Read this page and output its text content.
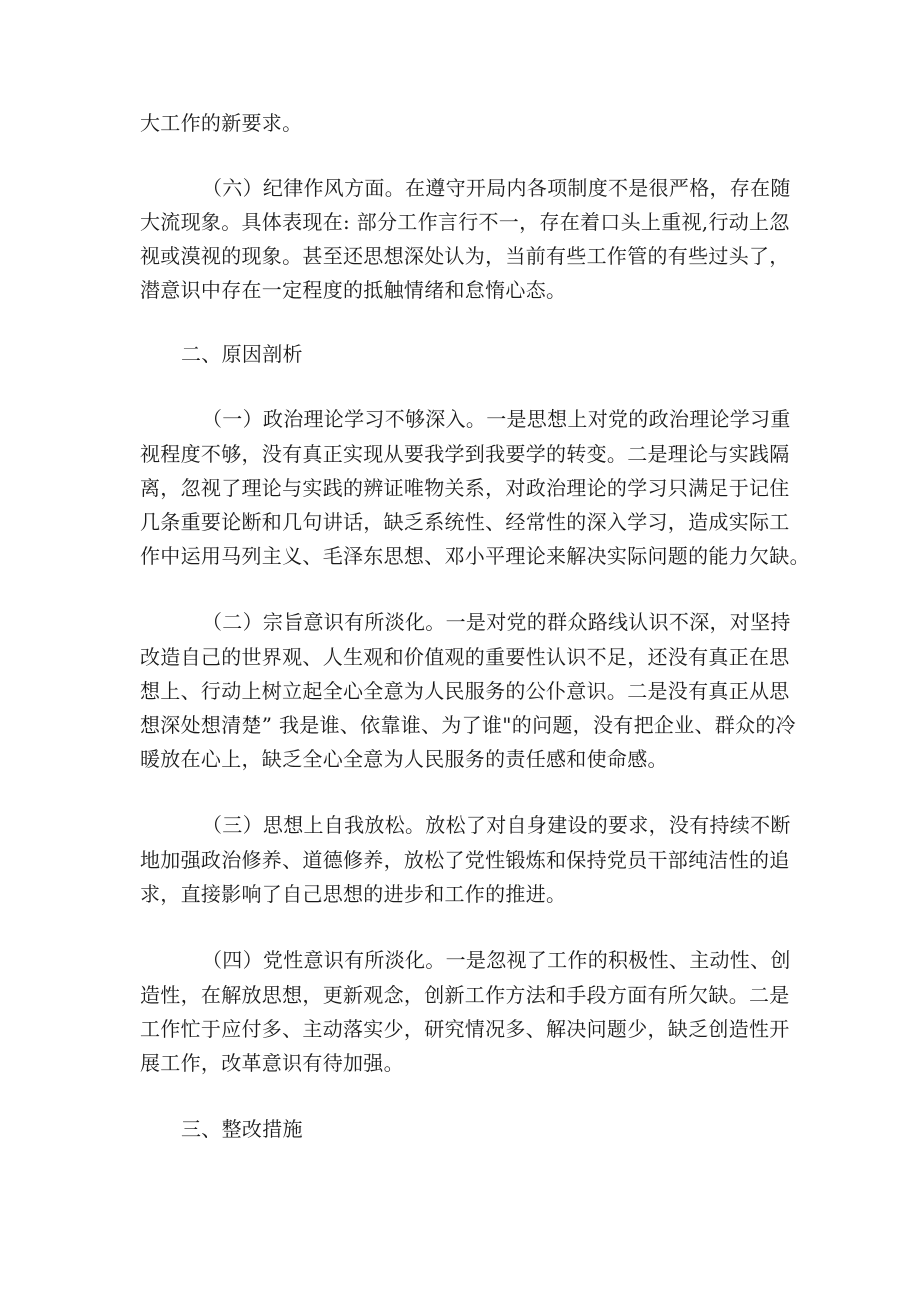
大工作的新要求。
（六）纪律作风方面。在遵守开局内各项制度不是很严格，存在随
大流现象。具体表现在: 部分工作言行不一，存在着口头上重视,行动上忽
视或漠视的现象。甚至还思想深处认为，当前有些工作管的有些过头了，
潜意识中存在一定程度的抵触情绪和怠惰心态。
二、原因剖析
（一）政治理论学习不够深入。一是思想上对党的政治理论学习重
视程度不够，没有真正实现从要我学到我要学的转变。二是理论与实践隔
离，忽视了理论与实践的辨证唯物关系，对政治理论的学习只满足于记住
几条重要论断和几句讲话，缺乏系统性、经常性的深入学习，造成实际工
作中运用马列主义、毛泽东思想、邓小平理论来解决实际问题的能力欠缺。
（二）宗旨意识有所淡化。一是对党的群众路线认识不深，对坚持
改造自己的世界观、人生观和价值观的重要性认识不足，还没有真正在思
想上、行动上树立起全心全意为人民服务的公仆意识。二是没有真正从思
想深处想清楚” 我是谁、依靠谁、为了谁"的问题，没有把企业、群众的冷
暖放在心上，缺乏全心全意为人民服务的责任感和使命感。
（三）思想上自我放松。放松了对自身建设的要求，没有持续不断
地加强政治修养、道德修养，放松了党性锻炼和保持党员干部纯洁性的追
求，直接影响了自己思想的进步和工作的推进。
（四）党性意识有所淡化。一是忽视了工作的积极性、主动性、创
造性，在解放思想，更新观念，创新工作方法和手段方面有所欠缺。二是
工作忙于应付多、主动落实少，研究情况多、解决问题少，缺乏创造性开
展工作，改革意识有待加强。
三、整改措施
